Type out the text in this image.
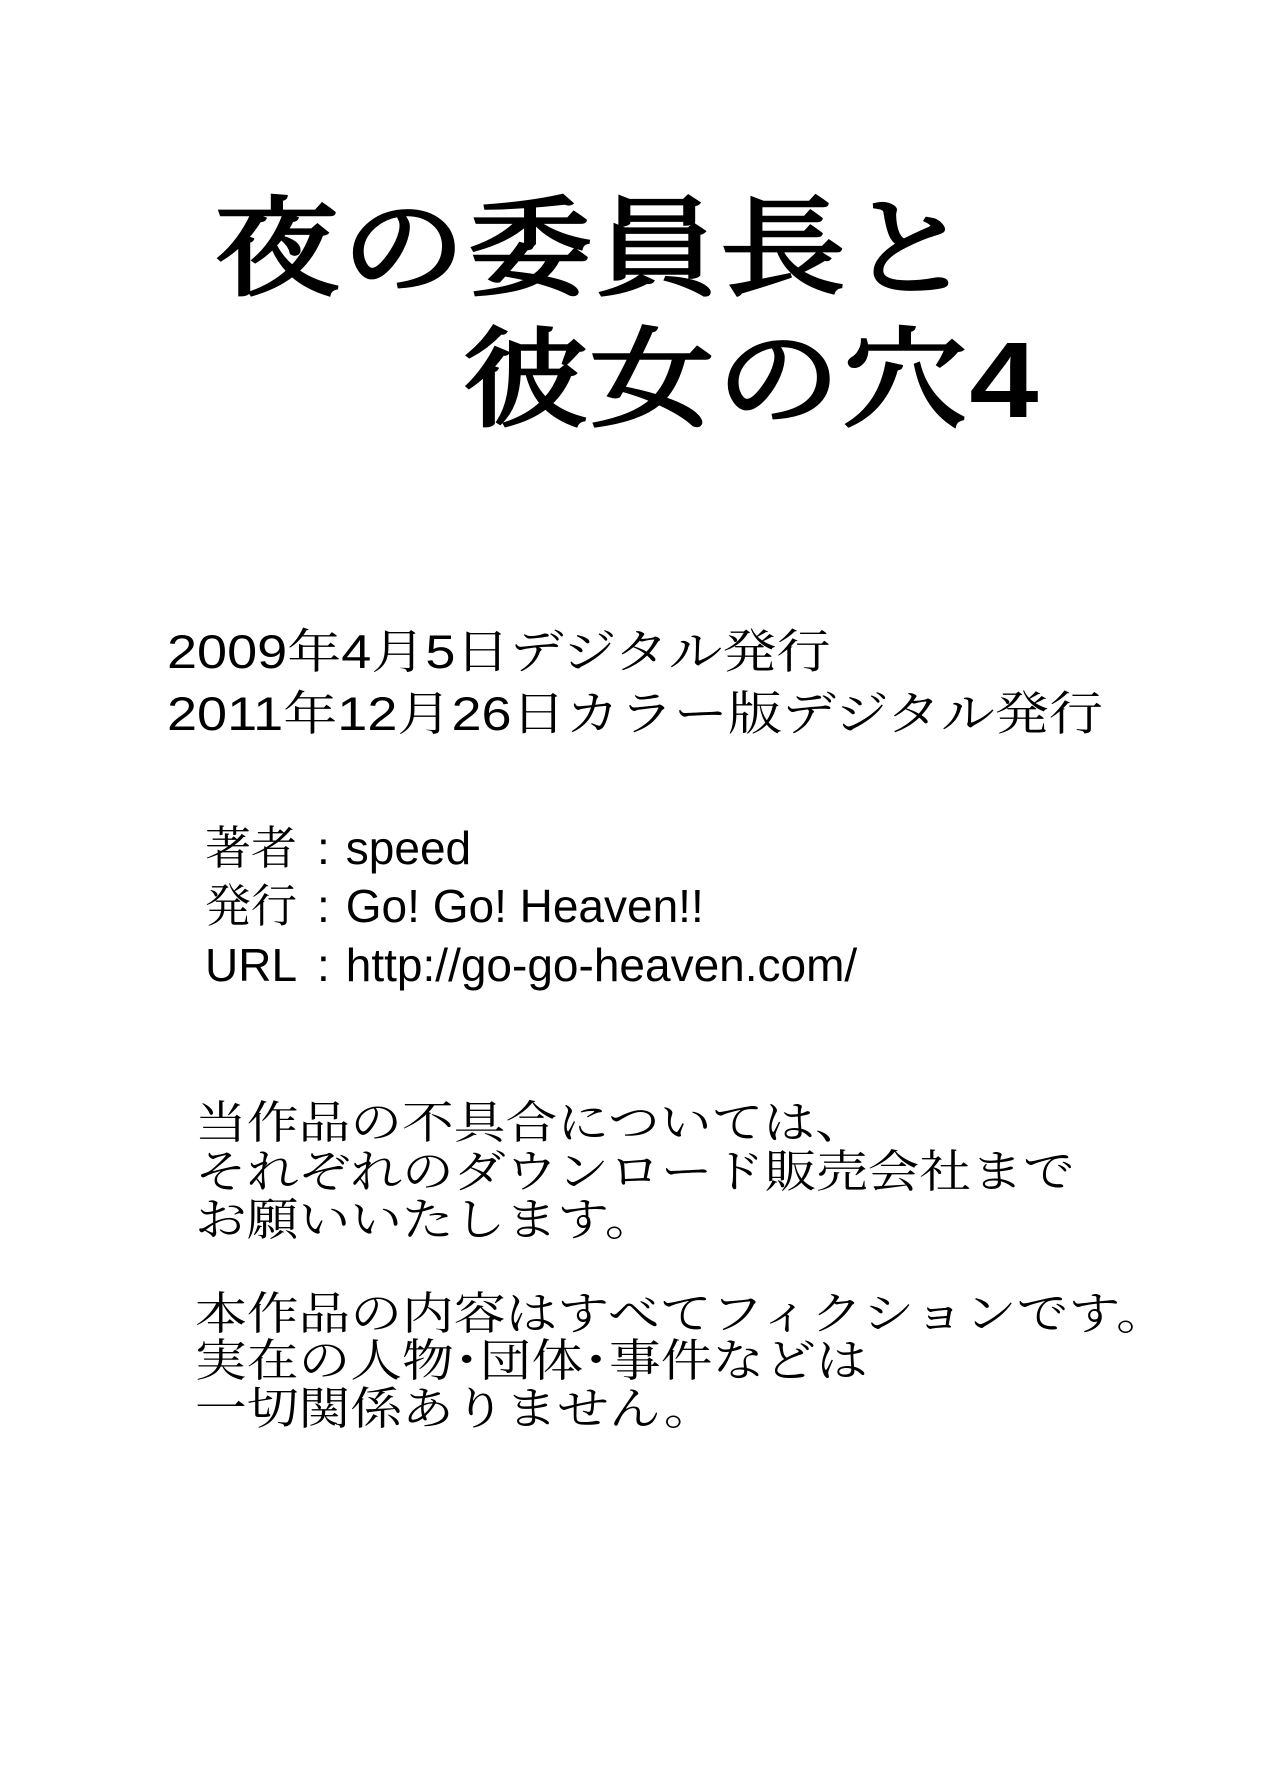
夜の委員長と
彼女の穴4
2009年4月5日デジタル発行
2011年12月26日カラー版デジタル発行
著者 : speed
発行 : Go! Go! Heaven!!
URL : http://go-go-heaven.com/
当作品の不具合については、
それぞれのダウンロード販売会社まで
お願いいたします。
本作品の内容はすべてフィクションです。
実在の人物･団体･事件などは
一切関係ありません。
